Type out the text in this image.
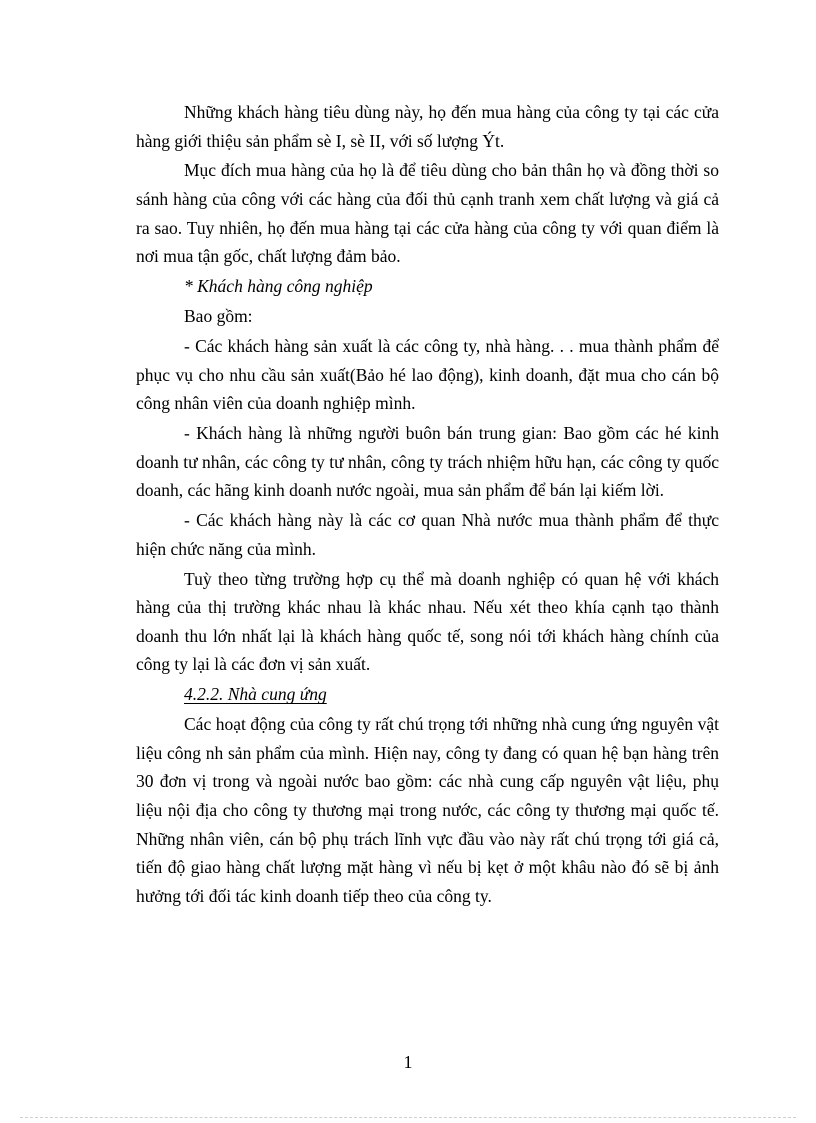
Những khách hàng tiêu dùng này, họ đến mua hàng của công ty tại các cửa hàng giới thiệu sản phẩm sè I, sè II, với số lượng Ýt.

Mục đích mua hàng của họ là để tiêu dùng cho bản thân họ và đồng thời so sánh hàng của công với các hàng của đối thủ cạnh tranh xem chất lượng và giá cả ra sao. Tuy nhiên, họ đến mua hàng tại các cửa hàng của công ty với quan điểm là nơi mua tận gốc, chất lượng đảm bảo.

* Khách hàng công nghiệp

Bao gồm:

- Các khách hàng sản xuất là các công ty, nhà hàng. . . mua thành phẩm để phục vụ cho nhu cầu sản xuất(Bảo hé lao động), kinh doanh, đặt mua cho cán bộ công nhân viên của doanh nghiệp mình.

- Khách hàng là những người buôn bán trung gian: Bao gồm các hé kinh doanh tư nhân, các công ty tư nhân, công ty trách nhiệm hữu hạn, các công ty quốc doanh, các hãng kinh doanh nước ngoài, mua sản phẩm để bán lại kiếm lời.

- Các khách hàng này là các cơ quan Nhà nước mua thành phẩm để thực hiện chức năng của mình.

Tuỳ theo từng trường hợp cụ thể mà doanh nghiệp có quan hệ với khách hàng của thị trường khác nhau là khác nhau. Nếu xét theo khía cạnh tạo thành doanh thu lớn nhất lại là khách hàng quốc tế, song nói tới khách hàng chính của công ty lại là các đơn vị sản xuất.

4.2.2. Nhà cung ứng

Các hoạt động của công ty rất chú trọng tới những nhà cung ứng nguyên vật liệu công nh sản phẩm của mình. Hiện nay, công ty đang có quan hệ bạn hàng trên 30 đơn vị trong và ngoài nước bao gồm: các nhà cung cấp nguyên vật liệu, phụ liệu nội địa cho công ty thương mại trong nước, các công ty thương mại quốc tế. Những nhân viên, cán bộ phụ trách lĩnh vực đầu vào này rất chú trọng tới giá cả, tiến độ giao hàng chất lượng mặt hàng vì nếu bị kẹt ở một khâu nào đó sẽ bị ảnh hưởng tới đối tác kinh doanh tiếp theo của công ty.

1
